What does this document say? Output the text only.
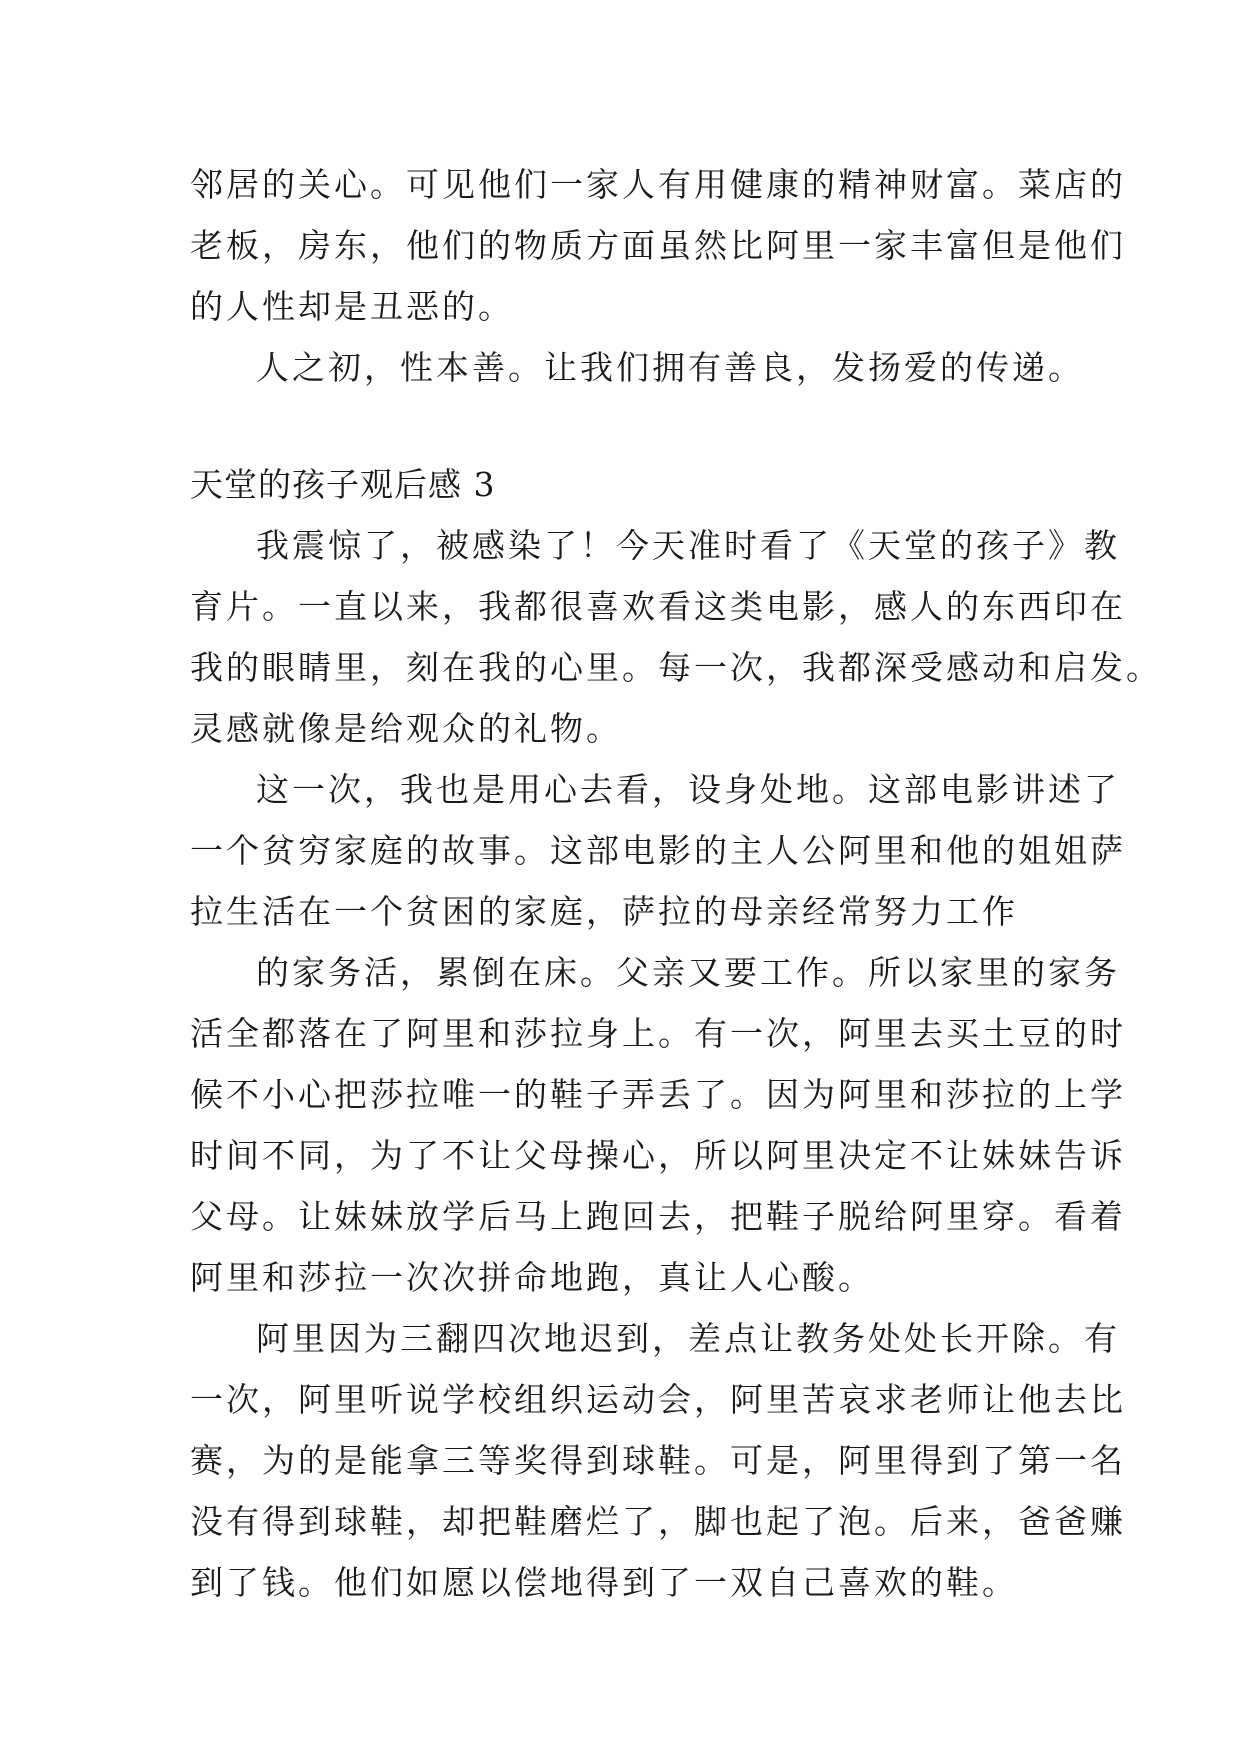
邻居的关心。可见他们一家人有用健康的精神财富。菜店的
老板，房东，他们的物质方面虽然比阿里一家丰富但是他们
的人性却是丑恶的。
人之初，性本善。让我们拥有善良，发扬爱的传递。
天堂的孩子观后感 3
我震惊了，被感染了！今天准时看了《天堂的孩子》教
育片。一直以来，我都很喜欢看这类电影，感人的东西印在
我的眼睛里，刻在我的心里。每一次，我都深受感动和启发。
灵感就像是给观众的礼物。
这一次，我也是用心去看，设身处地。这部电影讲述了
一个贫穷家庭的故事。这部电影的主人公阿里和他的姐姐萨
拉生活在一个贫困的家庭，萨拉的母亲经常努力工作
的家务活，累倒在床。父亲又要工作。所以家里的家务
活全都落在了阿里和莎拉身上。有一次，阿里去买土豆的时
候不小心把莎拉唯一的鞋子弄丢了。因为阿里和莎拉的上学
时间不同，为了不让父母操心，所以阿里决定不让妹妹告诉
父母。让妹妹放学后马上跑回去，把鞋子脱给阿里穿。看着
阿里和莎拉一次次拼命地跑，真让人心酸。
阿里因为三翻四次地迟到，差点让教务处处长开除。有
一次，阿里听说学校组织运动会，阿里苦哀求老师让他去比
赛，为的是能拿三等奖得到球鞋。可是，阿里得到了第一名
没有得到球鞋，却把鞋磨烂了，脚也起了泡。后来，爸爸赚
到了钱。他们如愿以偿地得到了一双自己喜欢的鞋。
